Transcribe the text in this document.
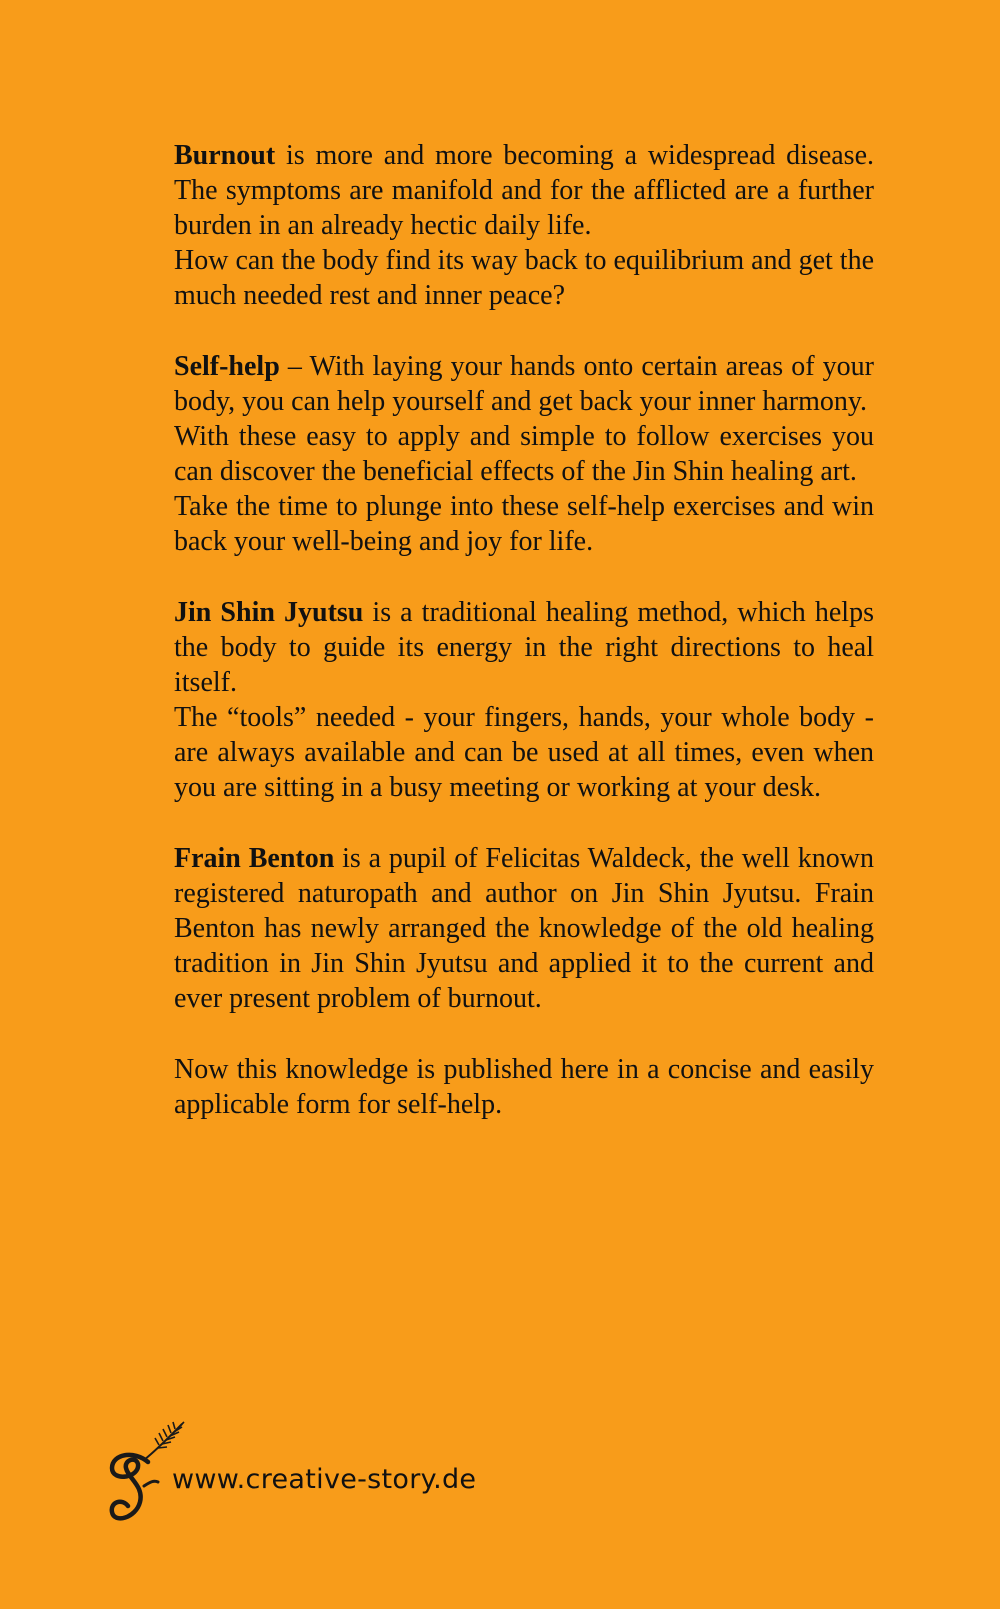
Burnout is more and more becoming a widespread disease. The symptoms are manifold and for the afflicted are a further burden in an already hectic daily life.

How can the body find its way back to equilibrium and get the much needed rest and inner peace?

Self-help – With laying your hands onto certain areas of your body, you can help yourself and get back your inner harmony.

With these easy to apply and simple to follow exercises you can discover the beneficial effects of the Jin Shin healing art.

Take the time to plunge into these self-help exercises and win back your well-being and joy for life.

Jin Shin Jyutsu is a traditional healing method, which helps the body to guide its energy in the right directions to heal itself.

The “tools” needed - your fingers, hands, your whole body - are always available and can be used at all times, even when you are sitting in a busy meeting or working at your desk.

Frain Benton is a pupil of Felicitas Waldeck, the well known registered naturopath and author on Jin Shin Jyutsu. Frain Benton has newly arranged the knowledge of the old healing tradition in Jin Shin Jyutsu and applied it to the current and ever present problem of burnout.

Now this knowledge is published here in a concise and easily applicable form for self-help.

www.creative-story.de
